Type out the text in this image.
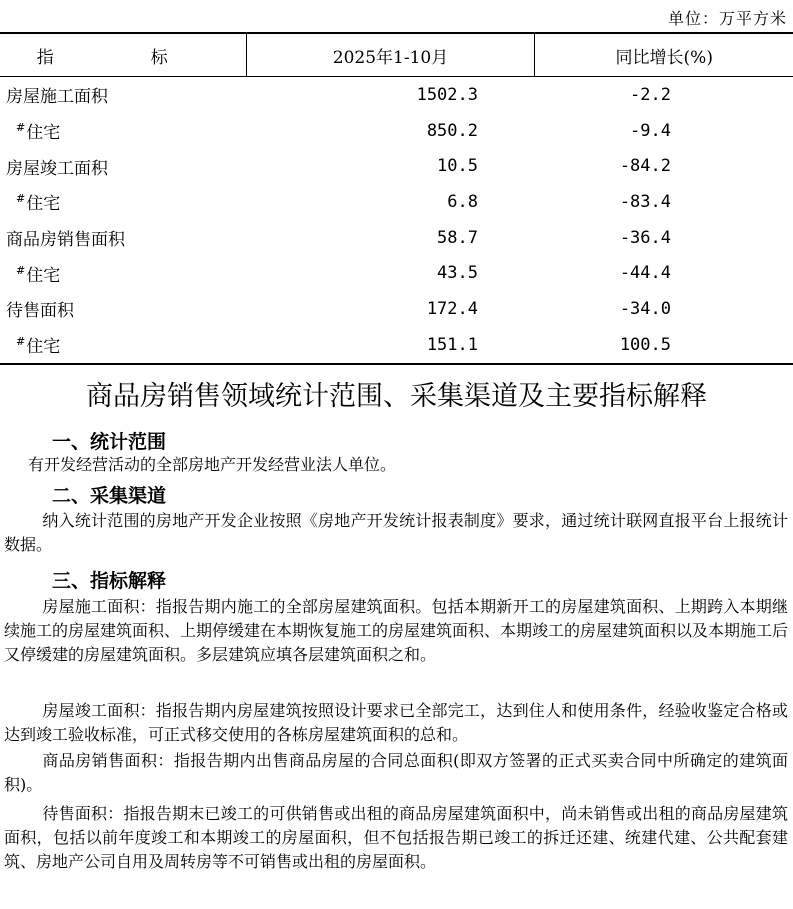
单位：万平方米
指　标	2025年1-10月	同比增长(%)
房屋施工面积	1502.3	-2.2
#住宅	850.2	-9.4
房屋竣工面积	10.5	-84.2
#住宅	6.8	-83.4
商品房销售面积	58.7	-36.4
#住宅	43.5	-44.4
待售面积	172.4	-34.0
#住宅	151.1	100.5
商品房销售领域统计范围、采集渠道及主要指标解释
一、统计范围

有开发经营活动的全部房地产开发经营业法人单位。

二、采集渠道

纳入统计范围的房地产开发企业按照《房地产开发统计报表制度》要求，通过统计联网直报平台上报统计数据。

三、指标解释

房屋施工面积：指报告期内施工的全部房屋建筑面积。包括本期新开工的房屋建筑面积、上期跨入本期继续施工的房屋建筑面积、上期停缓建在本期恢复施工的房屋建筑面积、本期竣工的房屋建筑面积以及本期施工后又停缓建的房屋建筑面积。多层建筑应填各层建筑面积之和。

房屋竣工面积：指报告期内房屋建筑按照设计要求已全部完工，达到住人和使用条件，经验收鉴定合格或达到竣工验收标准，可正式移交使用的各栋房屋建筑面积的总和。

商品房销售面积：指报告期内出售商品房屋的合同总面积(即双方签署的正式买卖合同中所确定的建筑面积)。

待售面积：指报告期末已竣工的可供销售或出租的商品房屋建筑面积中，尚未销售或出租的商品房屋建筑面积，包括以前年度竣工和本期竣工的房屋面积，但不包括报告期已竣工的拆迁还建、统建代建、公共配套建筑、房地产公司自用及周转房等不可销售或出租的房屋面积。
